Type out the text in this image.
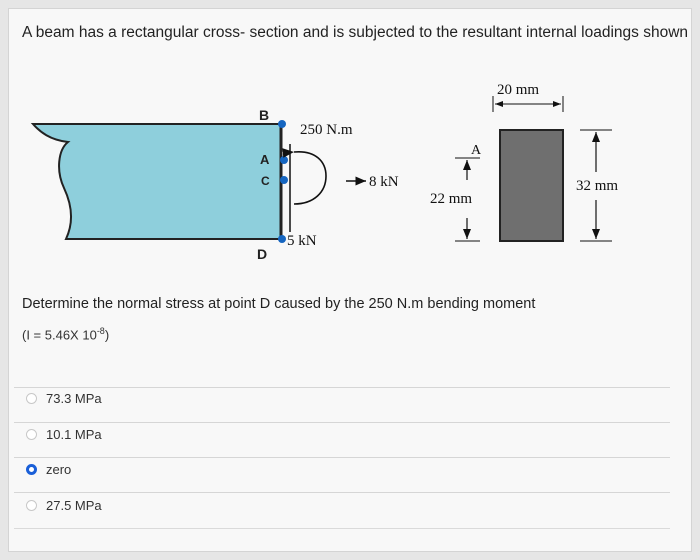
A beam has a rectangular cross- section and is subjected to the resultant internal loadings shown
B
A
C
D
250 N.m
8 kN
5 kN
20 mm
32 mm
A
22 mm
Determine the normal stress at point D caused by the 250 N.m bending moment
(I = 5.46X $10^{-8}$)
73.3 MPa
10.1 MPa
zero
27.5 MPa
